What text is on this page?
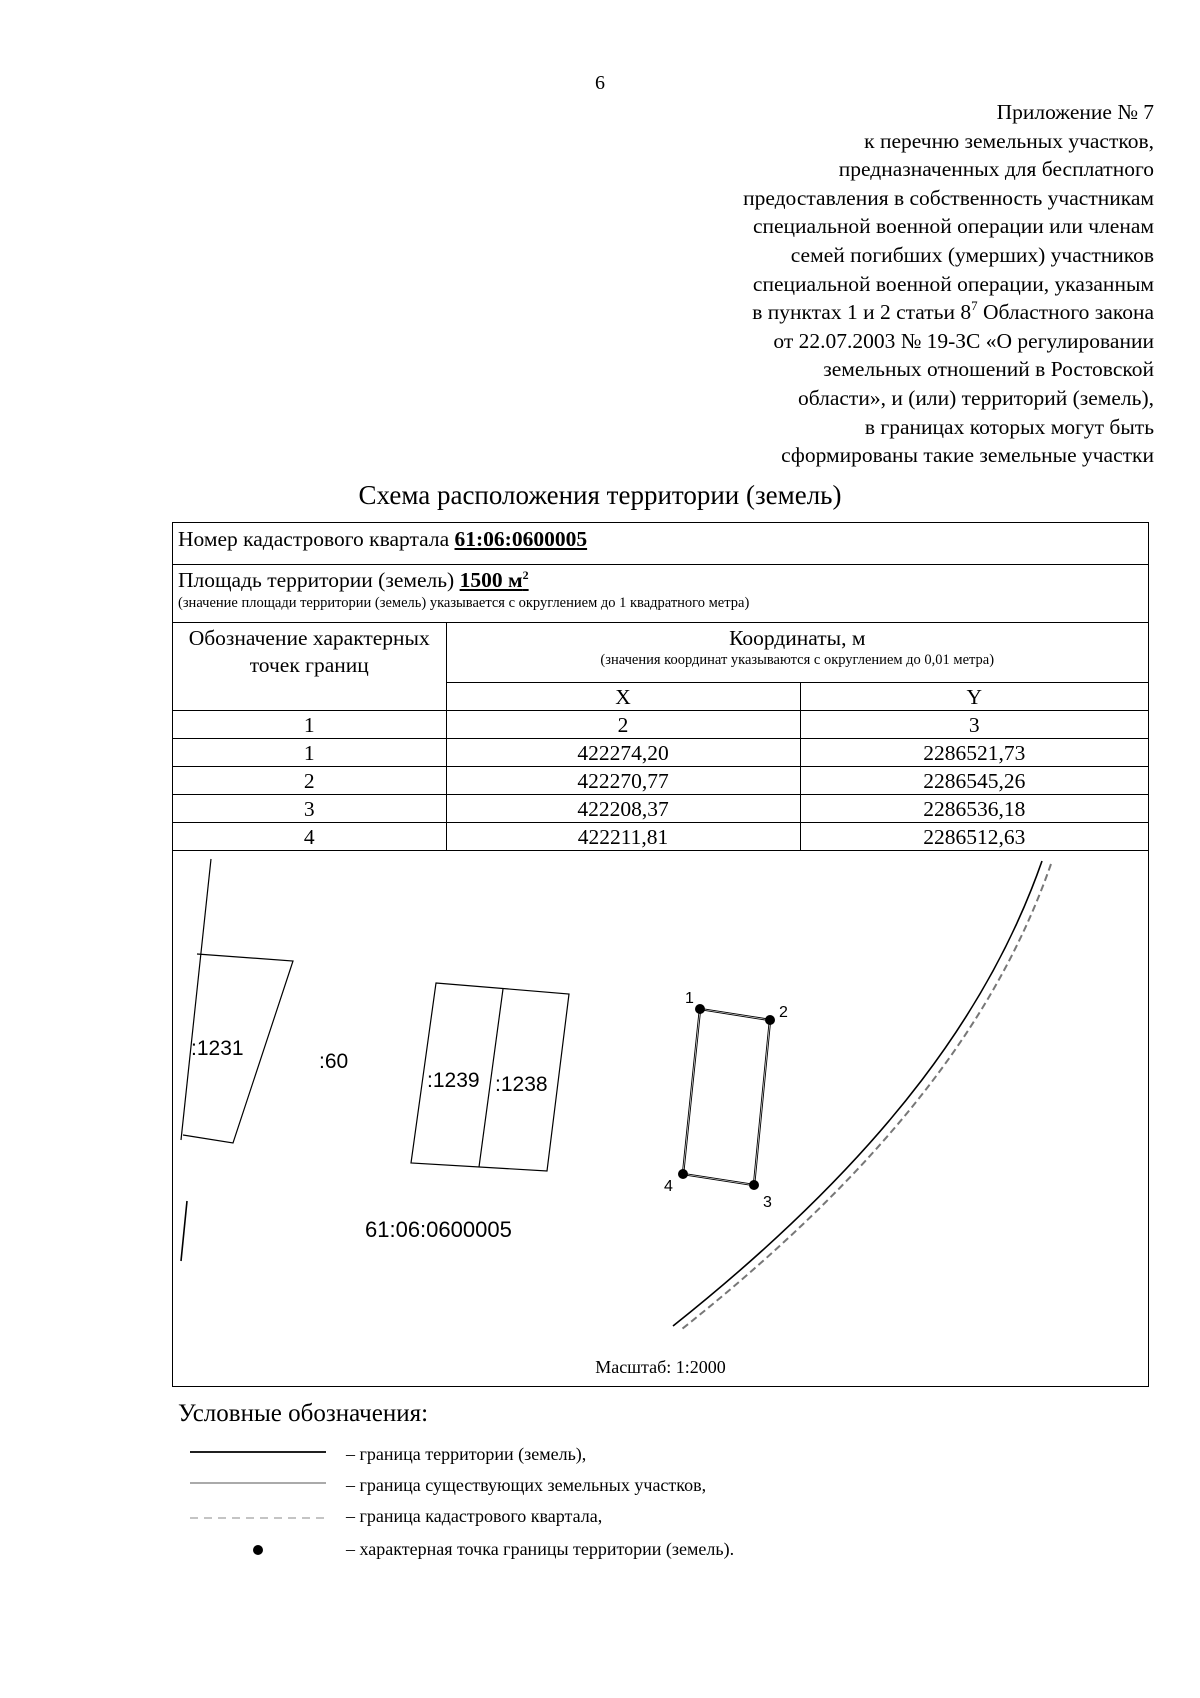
6
Приложение № 7
к перечню земельных участков,
предназначенных для бесплатного
предоставления в собственность участникам
специальной военной операции или членам
семей погибших (умерших) участников
специальной военной операции, указанным
в пунктах 1 и 2 статьи $8^7$ Областного закона
от 22.07.2003 № 19-ЗС «О регулировании
земельных отношений в Ростовской
области», и (или) территорий (земель),
в границах которых могут быть
сформированы такие земельные участки
Схема расположения территории (земель)
Номер кадастрового квартала 61:06:0600005
Площадь территории (земель) 1500 $м^2$
(значение площади территории (земель) указывается с округлением до 1 квадратного метра)
Обозначение характерных точек границ	Координаты, м
(значения координат указываются с округлением до 0,01 метра)	

	X	Y
1	2	3
1	422274,20	2286521,73
2	422270,77	2286545,26
3	422208,37	2286536,18
4	422211,81	2286512,63
:1231
:60
:1239 :1238
61:06:0600005
1
2
3
4
Масштаб: 1:2000
Условные обозначения:
– граница территории (земель),
– граница существующих земельных участков,
– граница кадастрового квартала,
– характерная точка границы территории (земель).
